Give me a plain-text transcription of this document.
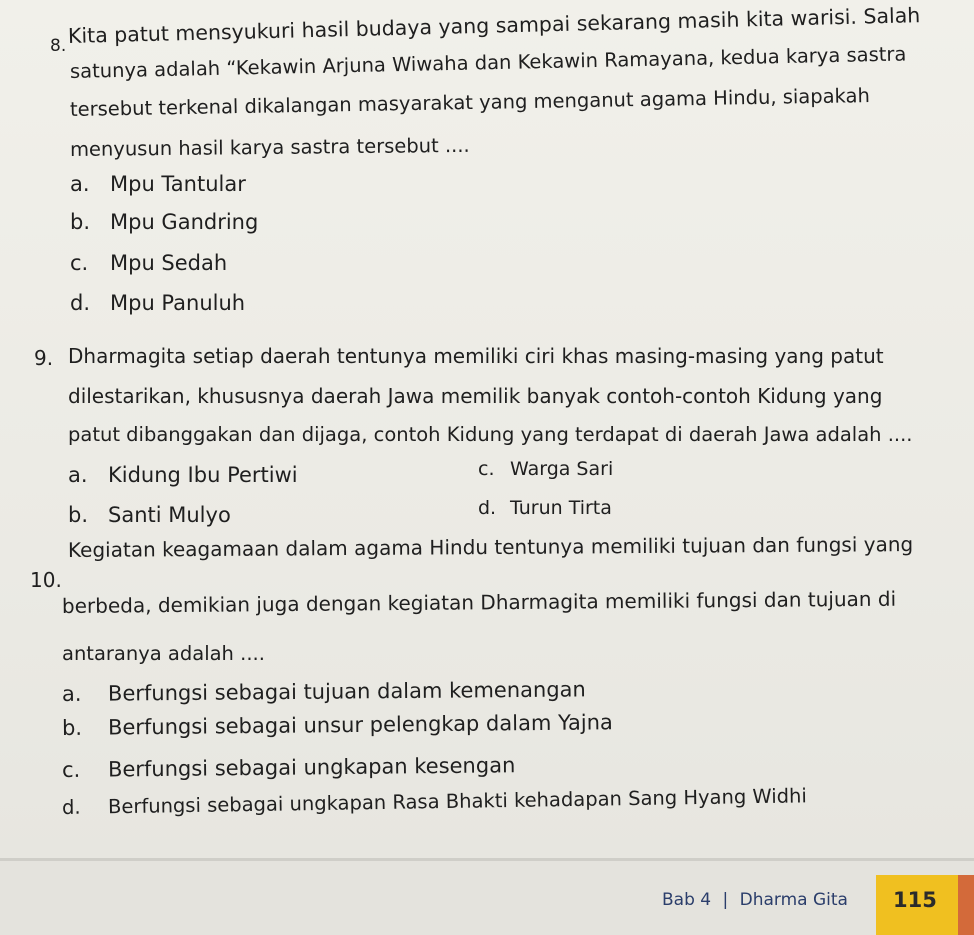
8. Kita patut mensyukuri hasil budaya yang sampai sekarang masih kita warisi. Salah
satunya adalah “Kekawin Arjuna Wiwaha dan Kekawin Ramayana, kedua karya sastra
tersebut terkenal dikalangan masyarakat yang menganut agama Hindu, siapakah
menyusun hasil karya sastra tersebut ....
a. Mpu Tantular
b. Mpu Gandring
c. Mpu Sedah
d. Mpu Panuluh
9. Dharmagita setiap daerah tentunya memiliki ciri khas masing-masing yang patut
dilestarikan, khususnya daerah Jawa memilik banyak contoh-contoh Kidung yang
patut dibanggakan dan dijaga, contoh Kidung yang terdapat di daerah Jawa adalah ....
a. Kidung Ibu Pertiwi
b. Santi Mulyo
c. Warga Sari
d. Turun Tirta
10.
Kegiatan keagamaan dalam agama Hindu tentunya memiliki tujuan dan fungsi yang
berbeda, demikian juga dengan kegiatan Dharmagita memiliki fungsi dan tujuan di
antaranya adalah ....
a. Berfungsi sebagai tujuan dalam kemenangan
b. Berfungsi sebagai unsur pelengkap dalam Yajna
c. Berfungsi sebagai ungkapan kesengan
d. Berfungsi sebagai ungkapan Rasa Bhakti kehadapan Sang Hyang Widhi
Bab 4 | Dharma Gita 115
